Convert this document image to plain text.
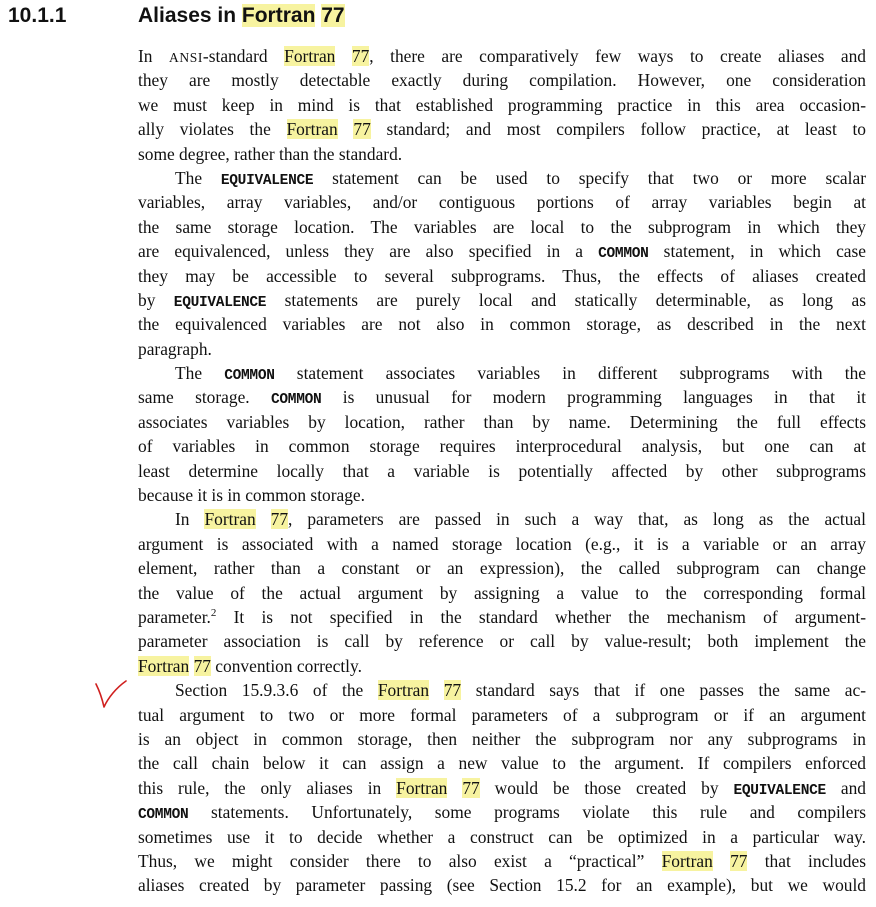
10.1.1	Aliases in Fortran 77
In ANSI-standard Fortran 77, there are comparatively few ways to create aliases and
they are mostly detectable exactly during compilation. However, one consideration
we must keep in mind is that established programming practice in this area occasion-
ally violates the Fortran 77 standard; and most compilers follow practice, at least to
some degree, rather than the standard.
The EQUIVALENCE statement can be used to specify that two or more scalar
variables, array variables, and/or contiguous portions of array variables begin at
the same storage location. The variables are local to the subprogram in which they
are equivalenced, unless they are also specified in a COMMON statement, in which case
they may be accessible to several subprograms. Thus, the effects of aliases created
by EQUIVALENCE statements are purely local and statically determinable, as long as
the equivalenced variables are not also in common storage, as described in the next
paragraph.
The COMMON statement associates variables in different subprograms with the
same storage. COMMON is unusual for modern programming languages in that it
associates variables by location, rather than by name. Determining the full effects
of variables in common storage requires interprocedural analysis, but one can at
least determine locally that a variable is potentially affected by other subprograms
because it is in common storage.
In Fortran 77, parameters are passed in such a way that, as long as the actual
argument is associated with a named storage location (e.g., it is a variable or an array
element, rather than a constant or an expression), the called subprogram can change
the value of the actual argument by assigning a value to the corresponding formal
parameter.$^2$ It is not specified in the standard whether the mechanism of argument-
parameter association is call by reference or call by value-result; both implement the
Fortran 77 convention correctly.
Section 15.9.3.6 of the Fortran 77 standard says that if one passes the same ac-
tual argument to two or more formal parameters of a subprogram or if an argument
is an object in common storage, then neither the subprogram nor any subprograms in
the call chain below it can assign a new value to the argument. If compilers enforced
this rule, the only aliases in Fortran 77 would be those created by EQUIVALENCE and
COMMON statements. Unfortunately, some programs violate this rule and compilers
sometimes use it to decide whether a construct can be optimized in a particular way.
Thus, we might consider there to also exist a “practical” Fortran 77 that includes
aliases created by parameter passing (see Section 15.2 for an example), but we would
